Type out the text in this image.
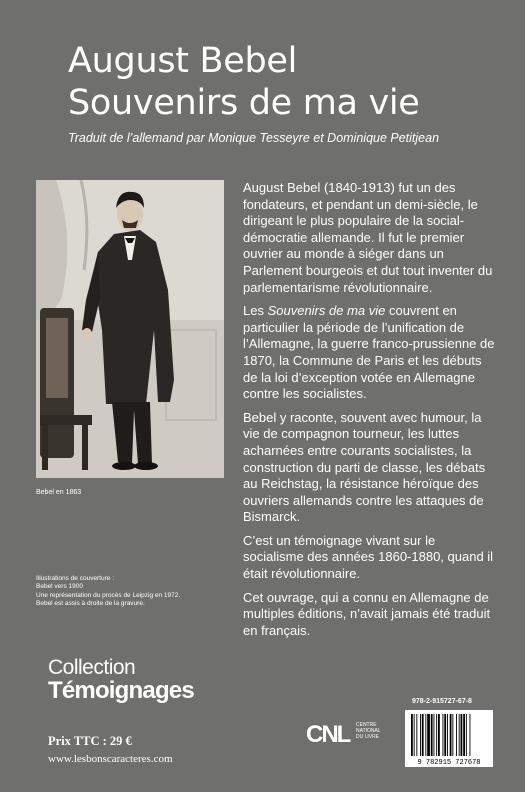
August Bebel
Souvenirs de ma vie
Traduit de l’allemand par Monique Tesseyre et Dominique Petitjean
Bebel en 1863

August Bebel (1840-1913) fut un des fondateurs, et pendant un demi-siècle, le dirigeant le plus populaire de la social-démocratie allemande. Il fut le premier ouvrier au monde à siéger dans un Parlement bourgeois et dut tout inventer du parlementarisme révolutionnaire.

Les Souvenirs de ma vie couvrent en particulier la période de l’unification de l’Allemagne, la guerre franco-prussienne de 1870, la Commune de Paris et les débuts de la loi d’exception votée en Allemagne contre les socialistes.

Bebel y raconte, souvent avec humour, la vie de compagnon tourneur, les luttes acharnées entre courants socialistes, la construction du parti de classe, les débats au Reichstag, la résistance héroïque des ouvriers allemands contre les attaques de Bismarck.

C’est un témoignage vivant sur le socialisme des années 1860-1880, quand il était révolutionnaire.

Cet ouvrage, qui a connu en Allemagne de multiples éditions, n’avait jamais été traduit en français.

Illustrations de couverture :
Bebel vers 1900
Une représentation du procès de Leipzig en 1972.
Bebel est assis à droite de la gravure.
Collection
Témoignages
Prix TTC : 29 €
www.lesbonscaracteres.com
CNL CENTRE
NATIONAL
DU LIVRE
978-2-915727-67-8
9 782915 727678
